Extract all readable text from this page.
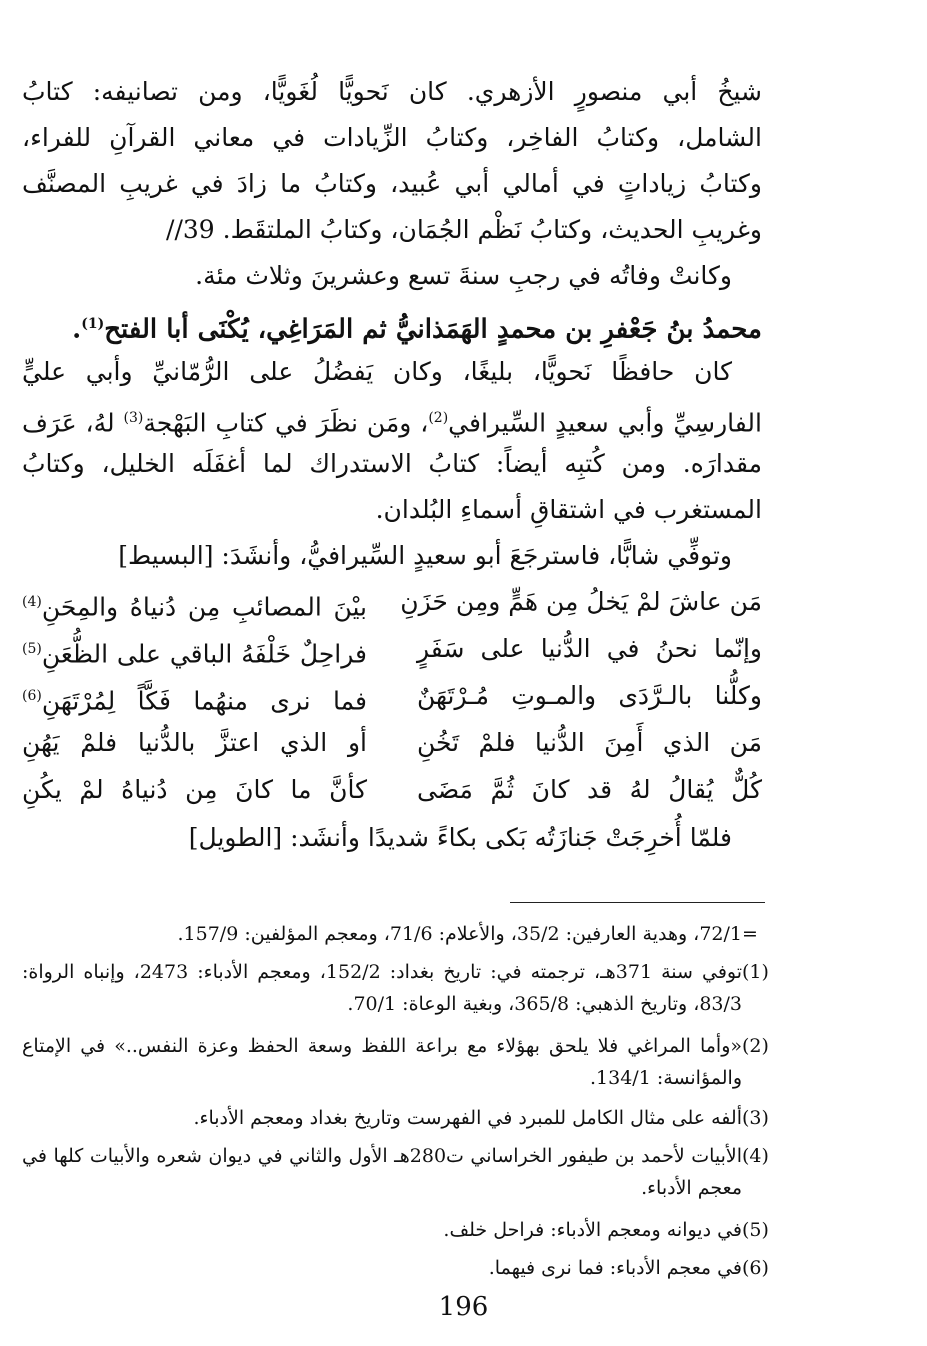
شيخُ أبي منصورٍ الأزهري. كان نَحويًّا لُغَويًّا، ومن تصانيفه: كتابُ
الشامل، وكتابُ الفاخِر، وكتابُ الزِّيادات في معاني القرآنِ للفراء،
وكتابُ زياداتٍ في أمالي أبي عُبيد، وكتابُ ما زادَ في غريبِ المصنَّف
وغريبِ الحديث، وكتابُ نَظْم الجُمَان، وكتابُ الملتقَط. 39//
وكانتْ وفاتُه في رجبِ سنةَ تسع وعشرينَ وثلاث مئة.
محمدُ بنُ جَعْفرِ بن محمدٍ الهَمَذانيُّ ثم المَرَاغِي، يُكْنَى أبا الفتح$^{(1)}$.
كان حافظًا نَحويًّا، بليغًا، وكان يَفضُلُ على الرُّمّانيِّ وأبي عليٍّ
الفارسِيِّ وأبي سعيدٍ السِّيرافي$^{(2)}$، ومَن نظَرَ في كتابِ البَهْجة$^{(3)}$ لهُ، عَرَف
مقدارَه. ومن كُتبِه أيضاً: كتابُ الاستدراك لما أغفَلَه الخليل، وكتابُ
المستغرب في اشتقاقِ أسماءِ البُلدان.
وتوفِّي شابًّا، فاسترجَعَ أبو سعيدٍ السِّيرافيُّ، وأنشَدَ: [البسيط]
مَن عاشَ لمْ يَخلُ مِن هَمٍّ ومِن حَزَنِ
بيْنَ المصائبِ مِن دُنياهُ والمِحَنِ$^{(4)}$
وإنّما نحنُ في الدُّنيا على سَفَرٍ
فراحِلٌ خَلْفَهُ الباقي على الظُّعَنِ$^{(5)}$
وكلُّنا بالـرَّدَى والمـوتِ مُـرْتَهَنٌ
فما نرى منهُما فَكَّاً لِمُرْتَهَنِ$^{(6)}$
مَن الذي أَمِنَ الدُّنيا فلمْ تَخُنِ
أو الذي اعتزَّ بالدُّنيا فلمْ يَهُنِ
كُلٌّ يُقالُ لهُ قد كانَ ثُمَّ مَضَى
كأنَّ ما كانَ مِن دُنياهُ لمْ يكُنِ
فلمّا أُخرِجَتْ جَنازَتُه بَكى بكاءً شديدًا وأنشَد: [الطويل]
=
72/1، وهدية العارفين: 35/2، والأعلام: 71/6، ومعجم المؤلفين: 157/9.
(1)
توفي سنة 371هـ، ترجمته في: تاريخ بغداد: 152/2، ومعجم الأدباء: 2473، وإنباه الرواة: 83/3، وتاريخ الذهبي: 365/8، وبغية الوعاة: 70/1.
(2)
«وأما المراغي فلا يلحق بهؤلاء مع براعة اللفظ وسعة الحفظ وعزة النفس..» في الإمتاع والمؤانسة: 134/1.
(3)
ألفه على مثال الكامل للمبرد في الفهرست وتاريخ بغداد ومعجم الأدباء.
(4)
الأبيات لأحمد بن طيفور الخراساني ت280هـ الأول والثاني في ديوان شعره والأبيات كلها في معجم الأدباء.
(5)
في ديوانه ومعجم الأدباء: فراحل خلف.
(6)
في معجم الأدباء: فما نرى فيهما.
196
